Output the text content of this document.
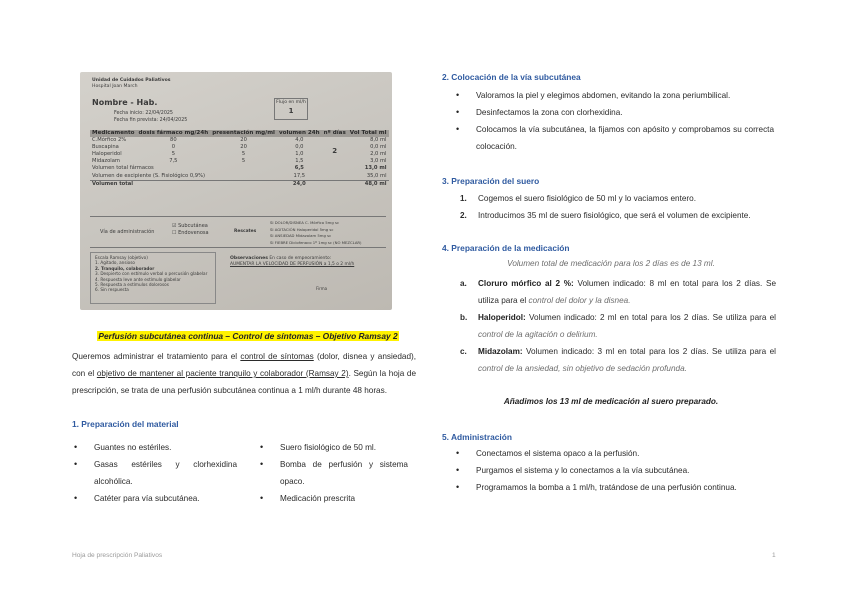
Unidad de Cuidados Paliativos
Hospital Joan March
Nombre - Hab.
Fecha inicio: 22/04/2025
Fecha fin prevista: 24/04/2025
Flujo en ml/h
1
Medicamento	dosis fármaco mg/24h	presentación mg/ml	volumen 24h	nº días	Vol Total ml
C.Mórfico 2%	80	20	4,0	2	8,0 ml
Buscapina	0	20	0,0		0,0 ml
Haloperidol	5	5	1,0		2,0 ml
Midazolam	7,5	5	1,5		3,0 ml
Volumen total fármacos			6,5		13,0 ml
Volumen de excipiente (S. Fisiológico 0,9%)			17,5		35,0 ml
Volumen total			24,0		48,0 ml
Vía de administración
☑ Subcutánea
☐ Endovenosa	Rescates
SI DOLOR/DISNEA C. Mórfico 5mg sc
SI AGITACIÓN Haloperidol 5mg sc
SI ANSIEDAD Midazolam 5mg sc
SI FIEBRE Diclofenaco 1º 1mg sc (NO MEZCLAR)
Escala Ramsay (objetivo)
1. Agitado, ansioso
2. Tranquilo, colaborador
3. Despierto con estímulo verbal o percusión glabelar
4. Respuesta leve ante estímulo glabelar
5. Respuesta a estímulos dolorosos
6. Sin respuesta
Observaciones En caso de empeoramiento:
AUMENTAR LA VELOCIDAD DE PERFUSIÓN a 1,5 o 2 ml/h
Firma
Perfusión subcutánea continua – Control de síntomas – Objetivo Ramsay 2
Queremos administrar el tratamiento para el control de síntomas (dolor, disnea y ansiedad), con el objetivo de mantener al paciente tranquilo y colaborador (Ramsay 2). Según la hoja de prescripción, se trata de una perfusión subcutánea continua a 1 ml/h durante 48 horas.
1. Preparación del material
• Guantes no estériles.
• Gasas estériles y clorhexidina alcohólica.
• Catéter para vía subcutánea.
• Suero fisiológico de 50 ml.
• Bomba de perfusión y sistema opaco.
• Medicación prescrita
2. Colocación de la vía subcutánea
• Valoramos la piel y elegimos abdomen, evitando la zona periumbilical.
• Desinfectamos la zona con clorhexidina.
• Colocamos la vía subcutánea, la fijamos con apósito y comprobamos su correcta colocación.
3. Preparación del suero
1. Cogemos el suero fisiológico de 50 ml y lo vaciamos entero.
2. Introducimos 35 ml de suero fisiológico, que será el volumen de excipiente.
4. Preparación de la medicación
Volumen total de medicación para los 2 días es de 13 ml.
a. Cloruro mórfico al 2 %: Volumen indicado: 8 ml en total para los 2 días. Se utiliza para el control del dolor y la disnea.
b. Haloperidol: Volumen indicado: 2 ml en total para los 2 días. Se utiliza para el control de la agitación o delirium.
c. Midazolam: Volumen indicado: 3 ml en total para los 2 días. Se utiliza para el control de la ansiedad, sin objetivo de sedación profunda.
Añadimos los 13 ml de medicación al suero preparado.
5. Administración
• Conectamos el sistema opaco a la perfusión.
• Purgamos el sistema y lo conectamos a la vía subcutánea.
• Programamos la bomba a 1 ml/h, tratándose de una perfusión continua.
Hoja de prescripción Paliativos	1
